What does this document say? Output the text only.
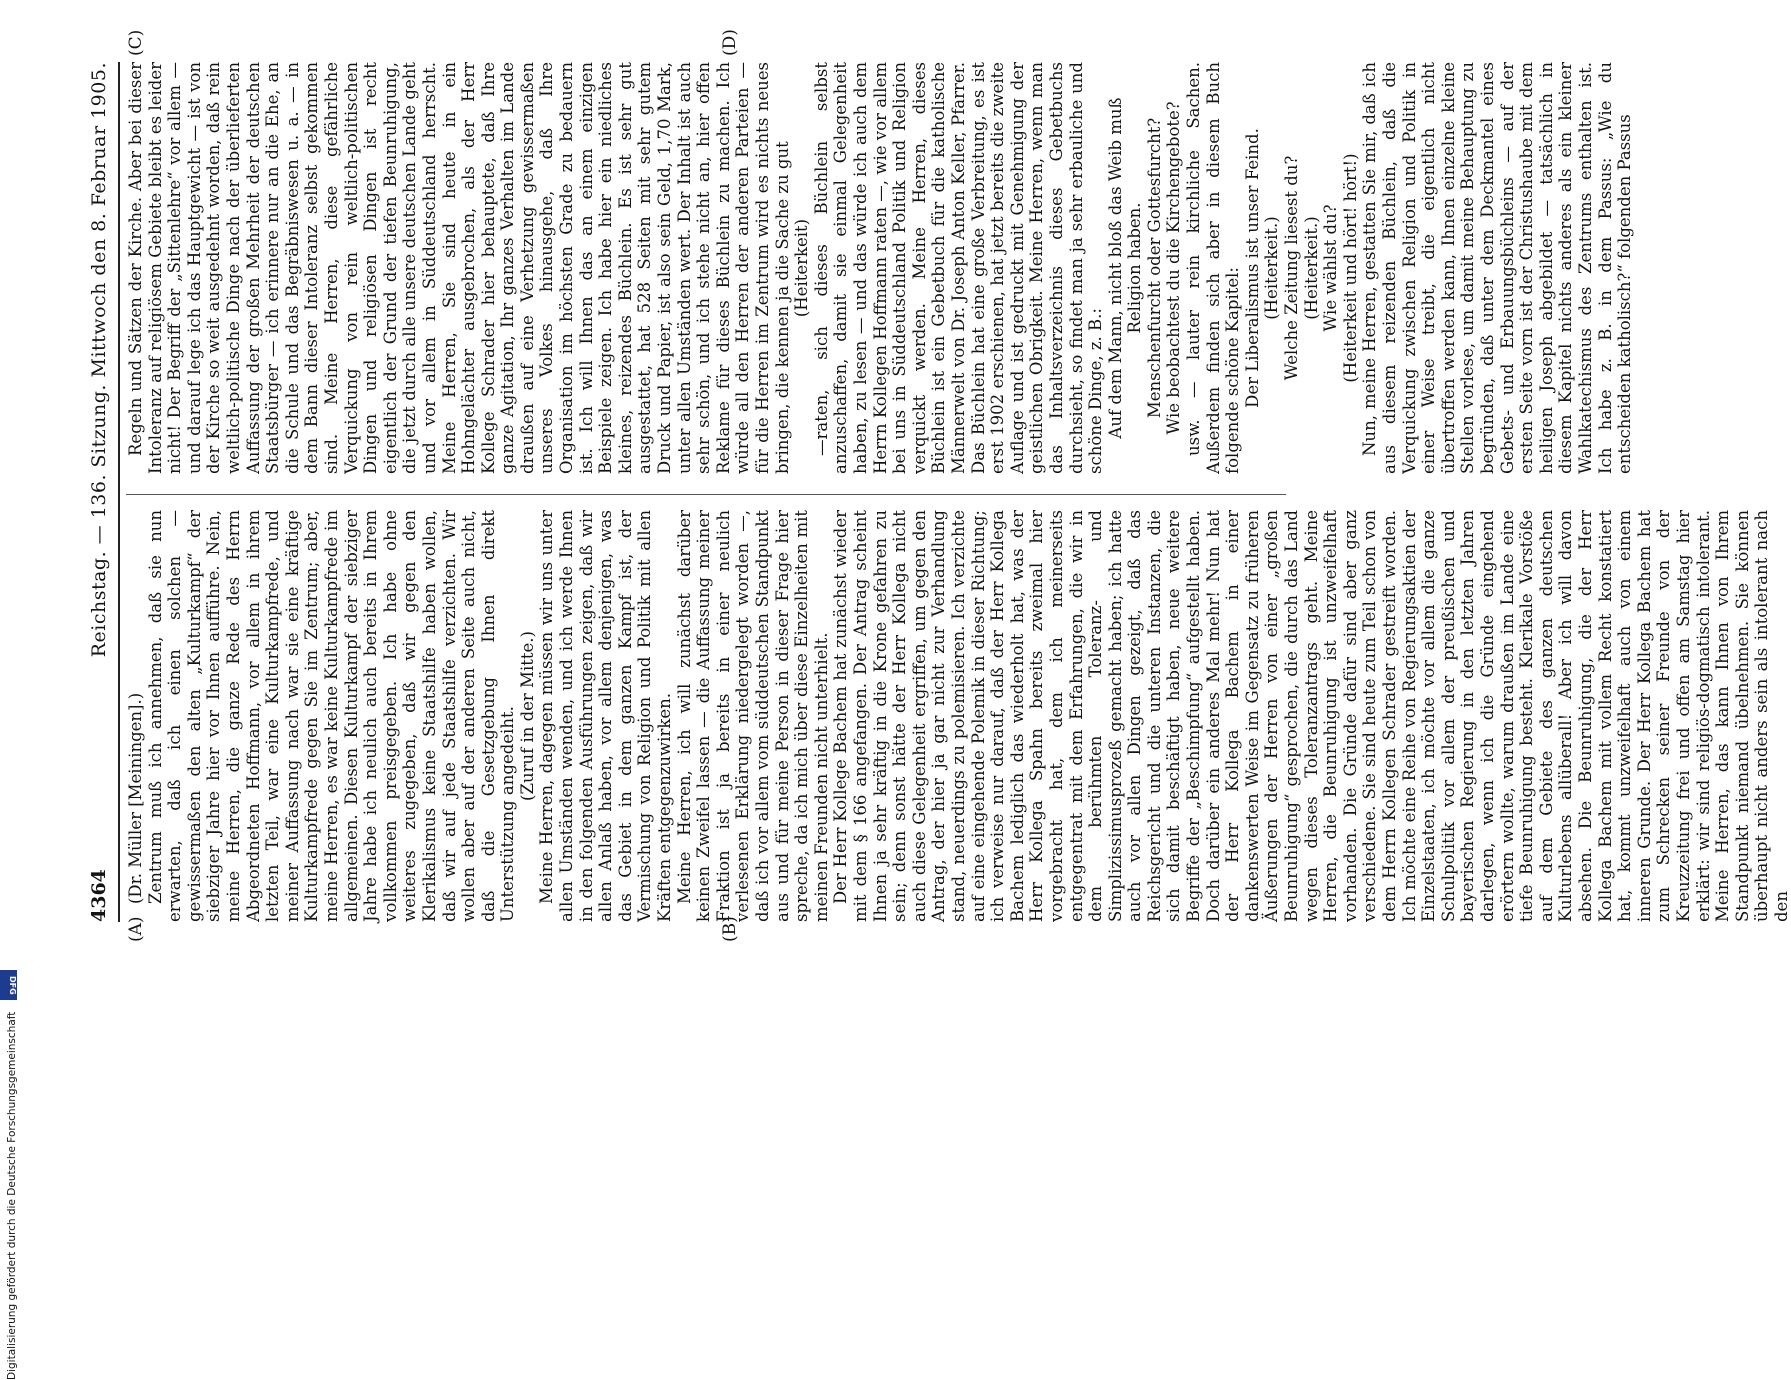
4364
Reichstag. — 136. Sitzung. Mittwoch den 8. Februar 1905.
(A)	(B)
(C)	(D)

(Dr. Müller [Meiningen].) Zentrum muß ich annehmen, daß sie nun erwarten, daß ich einen solchen — gewissermaßen den alten „Kulturkampf“ der siebziger Jahre hier vor Ihnen aufführe. Nein, meine Herren, die ganze Rede des Herrn Abgeordneten Hoffmann, vor allem in ihrem letzten Teil, war eine Kulturkampfrede, und meiner Auffassung nach war sie eine kräftige Kulturkampfrede gegen Sie im Zentrum; aber, meine Herren, es war keine Kulturkampfrede im allgemeinen. Diesen Kulturkampf der siebziger Jahre habe ich neulich auch bereits in Ihrem vollkommen preisgegeben. Ich habe ohne weiteres zugegeben, daß wir gegen den Klerikalismus keine Staatshilfe haben wollen, daß wir auf jede Staatshilfe verzichten. Wir wollen aber auf der anderen Seite auch nicht, daß die Gesetzgebung Ihnen direkt Unterstützung angedeiht. (Zuruf in der Mitte.) Meine Herren, dagegen müssen wir uns unter allen Umständen wenden, und ich werde Ihnen in den folgenden Ausführungen zeigen, daß wir allen Anlaß haben, vor allem denjenigen, was das Gebiet in dem ganzen Kampf ist, der Vermischung von Religion und Politik mit allen Kräften entgegenzuwirken. Meine Herren, ich will zunächst darüber keinen Zweifel lassen — die Auffassung meiner Fraktion ist ja bereits in einer neulich verlesenen Erklärung niedergelegt worden —, daß ich vor allem vom süddeutschen Standpunkt aus und für meine Person in dieser Frage hier spreche, da ich mich über diese Einzelheiten mit meinen Freunden nicht unterhielt. Der Herr Kollege Bachem hat zunächst wieder mit dem § 166 angefangen. Der Antrag scheint Ihnen ja sehr kräftig in die Krone gefahren zu sein; denn sonst hätte der Herr Kollega nicht auch diese Gelegenheit ergriffen, um gegen den Antrag, der hier ja gar nicht zur Verhandlung stand, neuerdings zu polemisieren. Ich verzichte auf eine eingehende Polemik in dieser Richtung; ich verweise nur darauf, daß der Herr Kollega Bachem lediglich das wiederholt hat, was der Herr Kollega Spahn bereits zweimal hier vorgebracht hat, dem ich meinerseits entgegentrat mit dem Erfahrungen, die wir in dem berühmten Toleranz- und Simplizissimusprozeß gemacht haben; ich hatte auch vor allen Dingen gezeigt, daß das Reichsgericht und die unteren Instanzen, die sich damit beschäftigt haben, neue weitere Begriffe der „Beschimpfung“ aufgestellt haben. Doch darüber ein anderes Mal mehr! Nun hat der Herr Kollega Bachem in einer dankenswerten Weise im Gegensatz zu früheren Äußerungen der Herren von einer „großen Beunruhigung“ gesprochen, die durch das Land wegen dieses Toleranzantrags geht. Meine Herren, die Beunruhigung ist unzweifelhaft vorhanden. Die Gründe dafür sind aber ganz verschiedene. Sie sind heute zum Teil schon von dem Herrn Kollegen Schrader gestreift worden. Ich möchte eine Reihe von Regierungsaktien der Einzelstaaten, ich möchte vor allem die ganze Schulpolitik vor allem der preußischen und bayerischen Regierung in den letzten Jahren darlegen, wenn ich die Gründe eingehend erörtern wollte, warum draußen im Lande eine tiefe Beunruhigung besteht. Klerikale Vorstöße auf dem Gebiete des ganzen deutschen Kulturlebens allüberall! Aber ich will davon absehen. Die Beunruhigung, die der Herr Kollega Bachem mit vollem Recht konstatiert hat, kommt unzweifelhaft auch von einem inneren Grunde. Der Herr Kollega Bachem hat zum Schrecken seiner Freunde von der Kreuzzeitung frei und offen am Samstag hier erklärt: wir sind religiös-dogmatisch intolerant. Meine Herren, das kann Ihnen von Ihrem Standpunkt niemand übelnehmen. Sie können überhaupt nicht anders sein als intolerant nach den

Regeln und Sätzen der Kirche. Aber bei dieser Intoleranz auf religiösem Gebiete bleibt es leider nicht! Der Begriff der „Sittenlehre“ vor allem — und darauf lege ich das Hauptgewicht — ist von der Kirche so weit ausgedehnt worden, daß rein weltlich-politische Dinge nach der überlieferten Auffassung der großen Mehrheit der deutschen Staatsbürger — ich erinnere nur an die Ehe, an die Schule und das Begräbniswesen u. a. — in dem Bann dieser Intoleranz selbst gekommen sind. Meine Herren, diese gefährliche Verquickung von rein weltlich-politischen Dingen und religiösen Dingen ist recht eigentlich der Grund der tiefen Beunruhigung, die jetzt durch alle unsere deutschen Lande geht und vor allem in Süddeutschland herrscht. Meine Herren, Sie sind heute in ein Hohngelächter ausgebrochen, als der Herr Kollege Schrader hier behauptete, daß Ihre ganze Agitation, Ihr ganzes Verhalten im Lande draußen auf eine Verhetzung gewissermaßen unseres Volkes hinausgehe, daß Ihre Organisation im höchsten Grade zu bedauern ist. Ich will Ihnen das an einem einzigen Beispiele zeigen. Ich habe hier ein niedliches kleines, reizendes Büchlein. Es ist sehr gut ausgestattet, hat 528 Seiten mit sehr gutem Druck und Papier, ist also sein Geld, 1,70 Mark, unter allen Umständen wert. Der Inhalt ist auch sehr schön, und ich stehe nicht an, hier offen Reklame für dieses Büchlein zu machen. Ich würde all den Herren der anderen Parteien — für die Herren im Zentrum wird es nichts neues bringen, die kennen ja die Sache zu gut (Heiterkeit) —raten, sich dieses Büchlein selbst anzuschaffen, damit sie einmal Gelegenheit haben, zu lesen — und das würde ich auch dem Herrn Kollegen Hoffmann raten —, wie vor allem bei uns in Süddeutschland Politik und Religion verquickt werden. Meine Herren, dieses Büchlein ist ein Gebetbuch für die katholische Männerwelt von Dr. Joseph Anton Keller, Pfarrer. Das Büchlein hat eine große Verbreitung, es ist erst 1902 erschienen, hat jetzt bereits die zweite Auflage und ist gedruckt mit Genehmigung der geistlichen Obrigkeit. Meine Herren, wenn man das Inhaltsverzeichnis dieses Gebetbuchs durchsieht, so findet man ja sehr erbauliche und schöne Dinge, z. B.: Auf dem Mann, nicht bloß das Weib muß Religion haben. Menschenfurcht oder Gottesfurcht? Wie beobachtest du die Kirchengebote? usw. — lauter rein kirchliche Sachen. Außerdem finden sich aber in diesem Buch folgende schöne Kapitel: Der Liberalismus ist unser Feind. (Heiterkeit.) Welche Zeitung liesest du? (Heiterkeit.) Wie wählst du? (Heiterkeit und hört! hört!) Nun, meine Herren, gestatten Sie mir, daß ich aus diesem reizenden Büchlein, daß die Verquickung zwischen Religion und Politik in einer Weise treibt, die eigentlich nicht übertroffen werden kann, Ihnen einzelne kleine Stellen vorlese, um damit meine Behauptung zu begründen, daß unter dem Deckmantel eines Gebets- und Erbauungsbüchleins — auf der ersten Seite vorn ist der Christushaube mit dem heiligen Joseph abgebildet — tatsächlich in diesem Kapitel nichts anderes als ein kleiner Wahlkatechismus des Zentrums enthalten ist. Ich habe z. B. in dem Passus: „Wie du entscheiden katholisch?“ folgenden Passus

Digitalisierung gefördert durch die Deutsche Forschungsgemeinschaft
DFG
